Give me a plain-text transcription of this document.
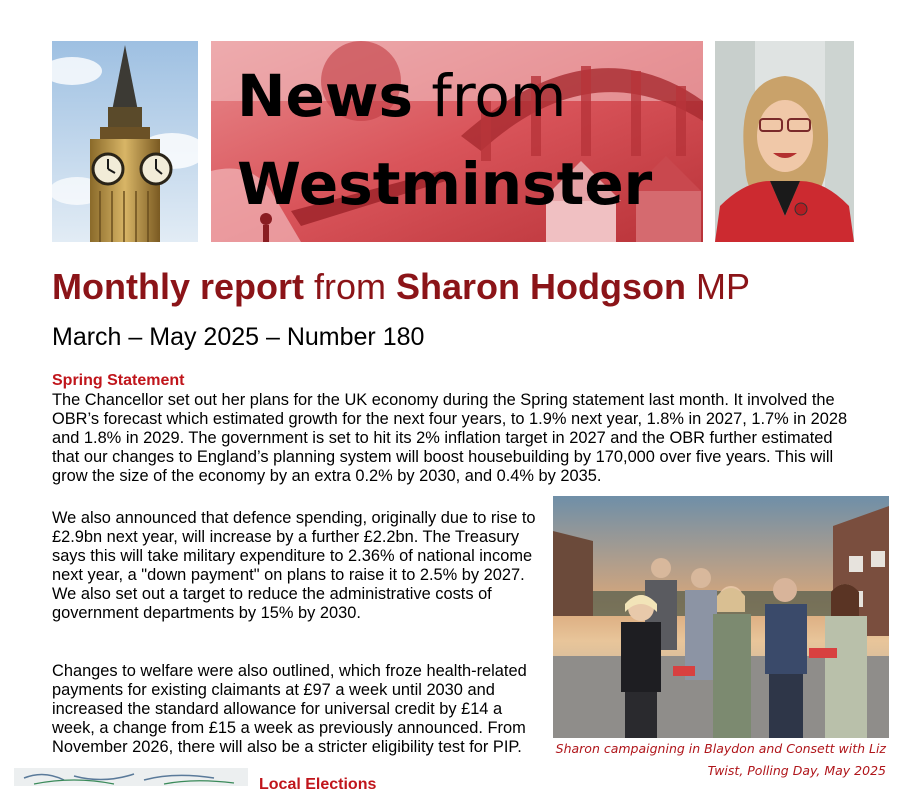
News from
Westminster
Monthly report from Sharon Hodgson MP
March – May 2025 – Number 180
Spring Statement
The Chancellor set out her plans for the UK economy during the Spring statement last month. It involved the OBR’s forecast which estimated growth for the next four years, to 1.9% next year, 1.8% in 2027, 1.7% in 2028 and 1.8% in 2029. The government is set to hit its 2% inflation target in 2027 and the OBR further estimated that our changes to England’s planning system will boost housebuilding by 170,000 over five years. This will grow the size of the economy by an extra 0.2% by 2030, and 0.4% by 2035.
We also announced that defence spending, originally due to rise to £2.9bn next year, will increase by a further £2.2bn. The Treasury says this will take military expenditure to 2.36% of national income next year, a "down payment" on plans to raise it to 2.5% by 2027. We also set out a target to reduce the administrative costs of government departments by 15% by 2030.
Changes to welfare were also outlined, which froze health-related payments for existing claimants at £97 a week until 2030 and increased the standard allowance for universal credit by £14 a week, a change from £15 a week as previously announced. From November 2026, there will also be a stricter eligibility test for PIP.	Sharon campaigning in Blaydon and Consett with Liz
Twist, Polling Day, May 2025
Local Elections
